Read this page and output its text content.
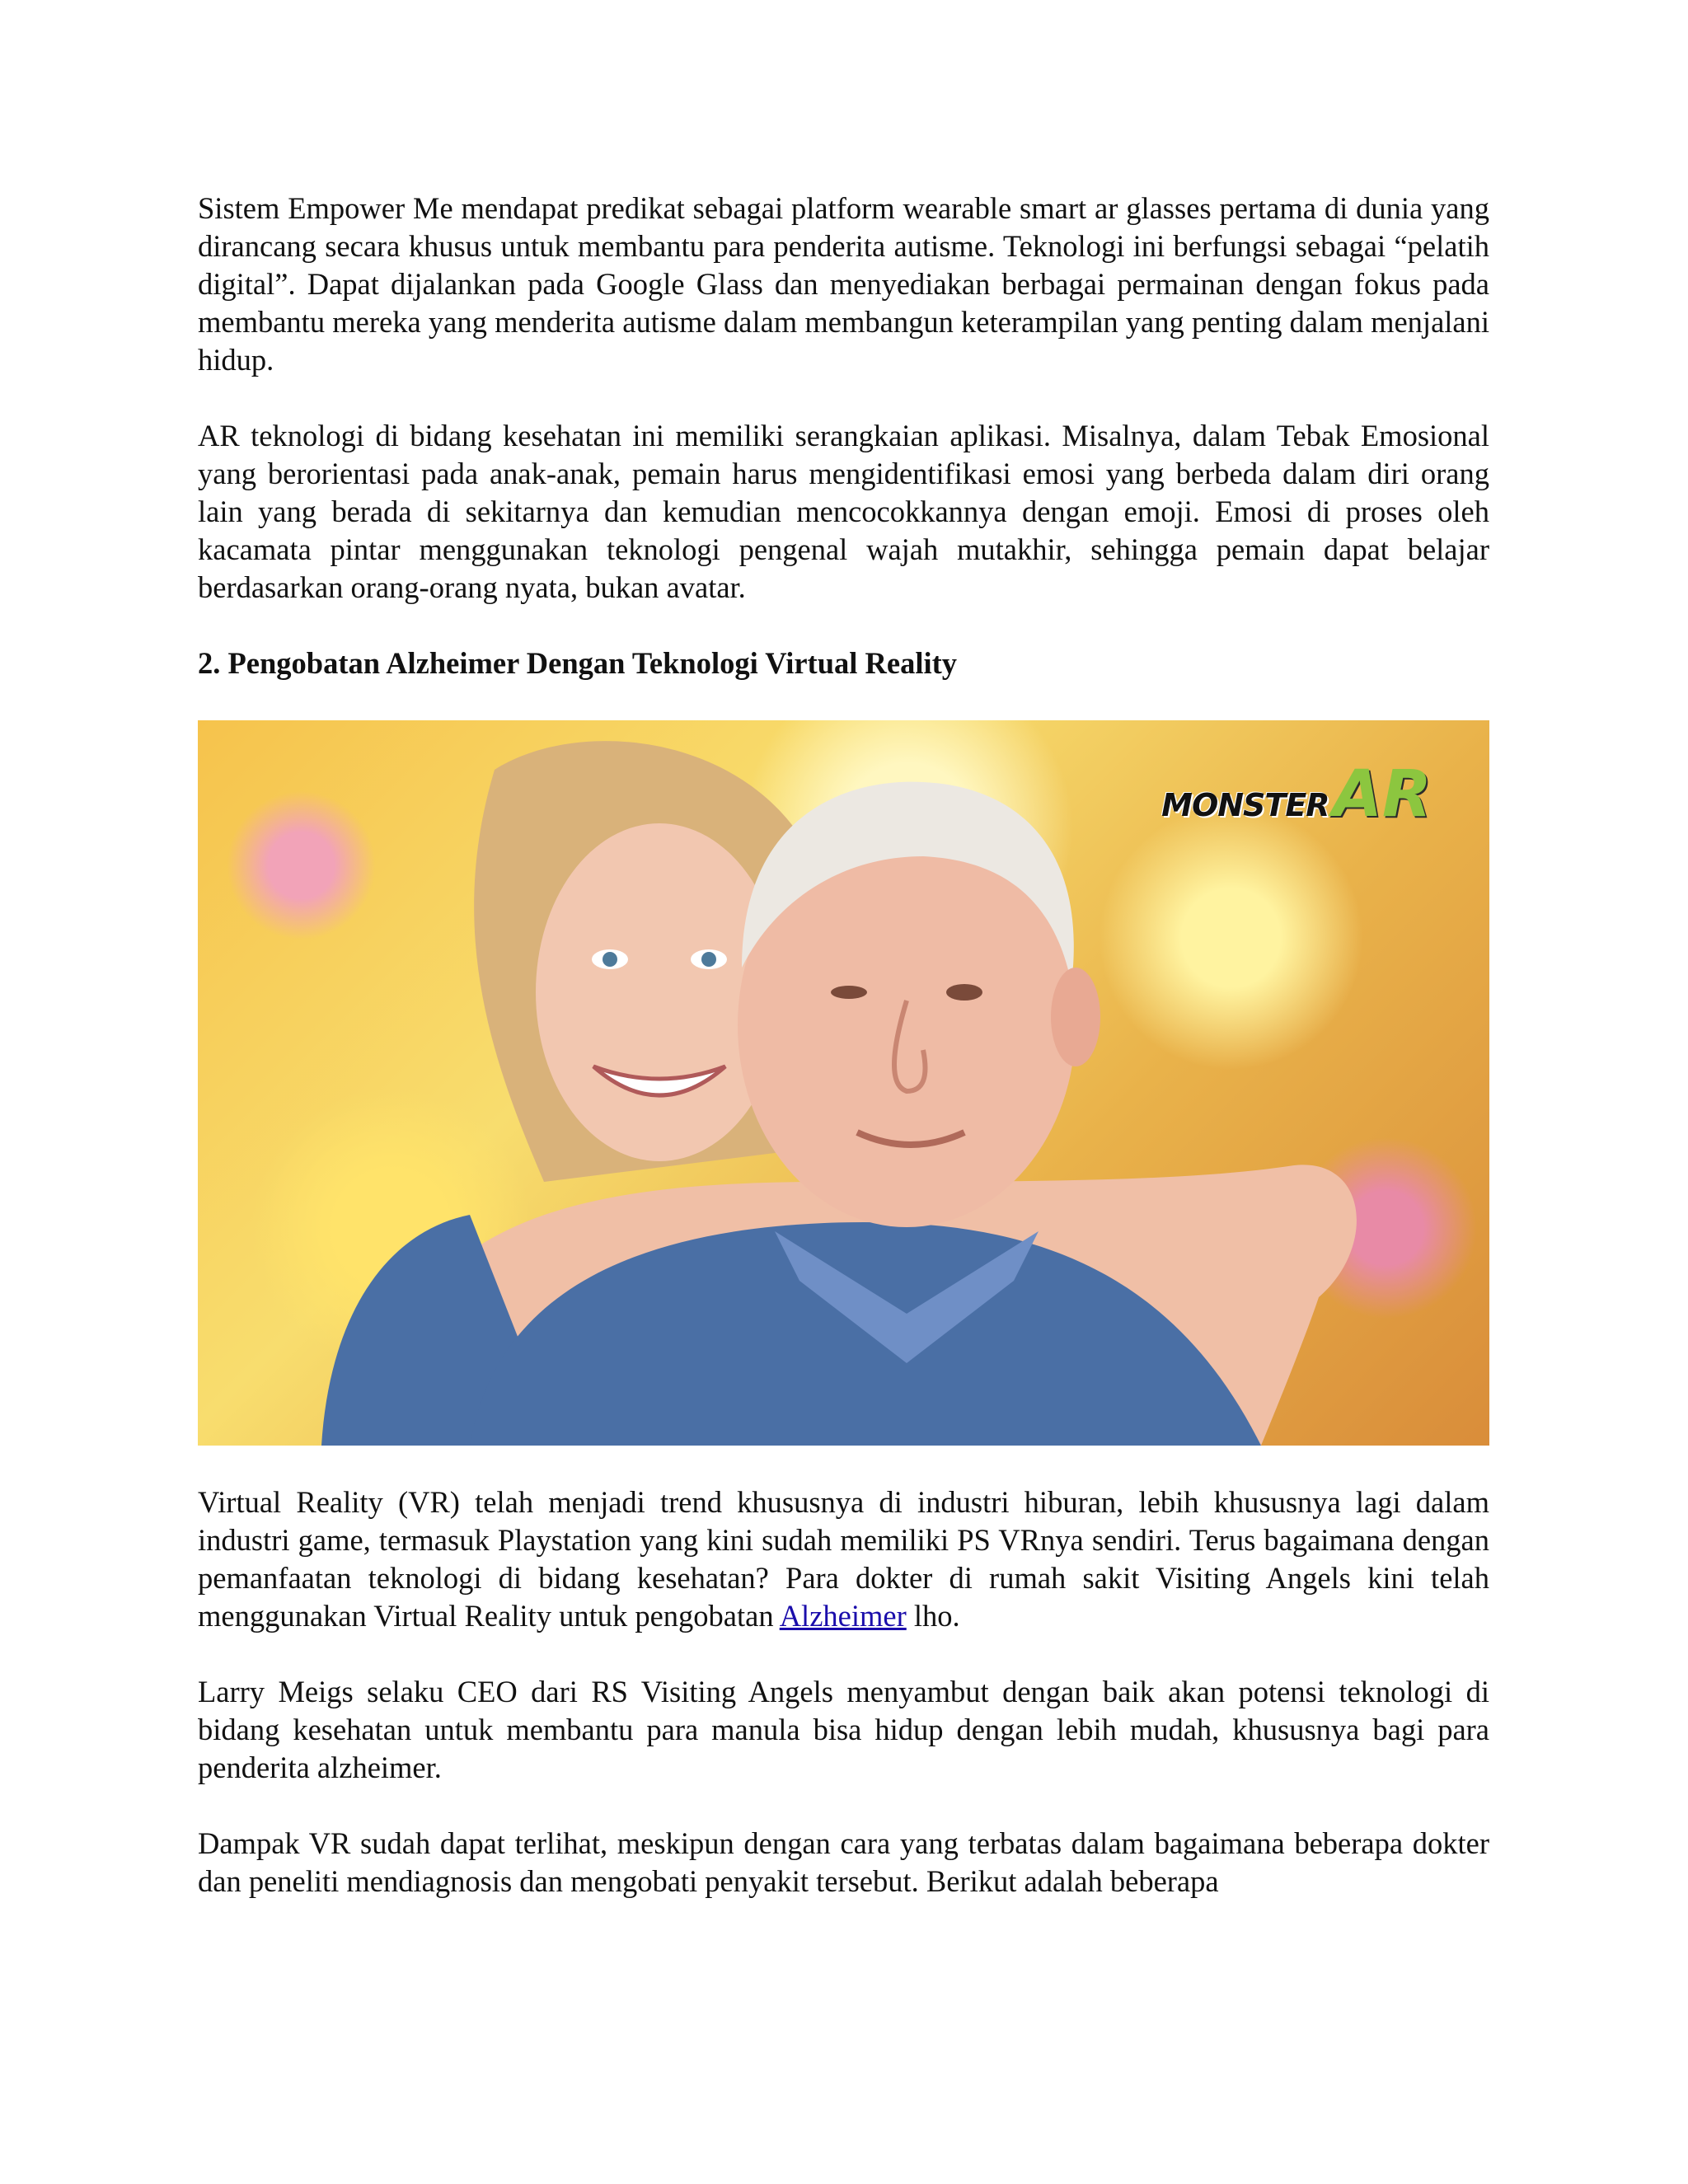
Sistem Empower Me mendapat predikat sebagai platform wearable smart ar glasses pertama di dunia yang dirancang secara khusus untuk membantu para penderita autisme. Teknologi ini berfungsi sebagai “pelatih digital”. Dapat dijalankan pada Google Glass dan menyediakan berbagai permainan dengan fokus pada membantu mereka yang menderita autisme dalam membangun keterampilan yang penting dalam menjalani hidup.

AR teknologi di bidang kesehatan ini memiliki serangkaian aplikasi. Misalnya, dalam Tebak Emosional yang berorientasi pada anak-anak, pemain harus mengidentifikasi emosi yang berbeda dalam diri orang lain yang berada di sekitarnya dan kemudian mencocokkannya dengan emoji. Emosi di proses oleh kacamata pintar menggunakan teknologi pengenal wajah mutakhir, sehingga pemain dapat belajar berdasarkan orang-orang nyata, bukan avatar.

2. Pengobatan Alzheimer Dengan Teknologi Virtual Reality
MONSTER AR

Virtual Reality (VR) telah menjadi trend khususnya di industri hiburan, lebih khususnya lagi dalam industri game, termasuk Playstation yang kini sudah memiliki PS VRnya sendiri. Terus bagaimana dengan pemanfaatan teknologi di bidang kesehatan? Para dokter di rumah sakit Visiting Angels kini telah menggunakan Virtual Reality untuk pengobatan Alzheimer lho.

Larry Meigs selaku CEO dari RS Visiting Angels menyambut dengan baik akan potensi teknologi di bidang kesehatan untuk membantu para manula bisa hidup dengan lebih mudah, khususnya bagi para penderita alzheimer.

Dampak VR sudah dapat terlihat, meskipun dengan cara yang terbatas dalam bagaimana beberapa dokter dan peneliti mendiagnosis dan mengobati penyakit tersebut. Berikut adalah beberapa
